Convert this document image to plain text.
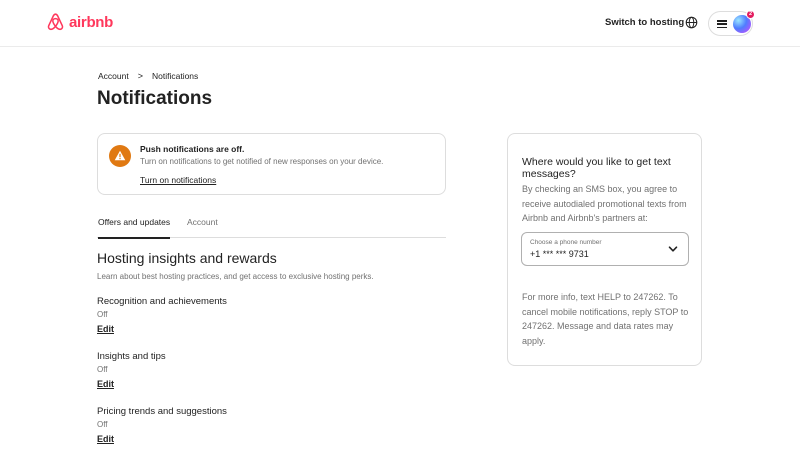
airbnb	Switch to hosting
2
Account > Notifications
Notifications
Push notifications are off.
Turn on notifications to get notified of new responses on your device.
Turn on notifications
Offers and updates Account
Hosting insights and rewards

Learn about best hosting practices, and get access to exclusive hosting perks.

Recognition and achievements
Off
Edit
Insights and tips
Off
Edit
Pricing trends and suggestions
Off
Edit
Where would you like to get text messages?
By checking an SMS box, you agree to receive autodialed promotional texts from Airbnb and Airbnb's partners at:
Choose a phone number
+1 *** *** 9731
For more info, text HELP to 247262. To cancel mobile notifications, reply STOP to 247262. Message and data rates may apply.
